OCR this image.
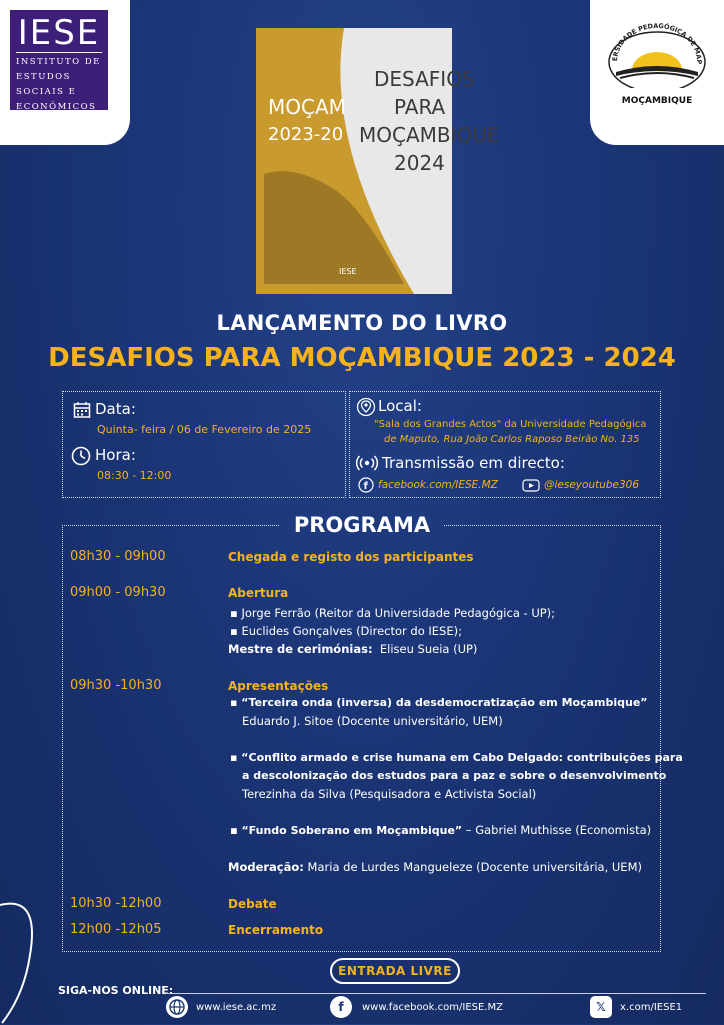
IESE
INSTITUTO DE
ESTUDOS
SOCIAIS E
ECONÓMICOS
ERSIDADE PEDAGÓGICA DE MAP
MOÇAMBIQUE
DESAFIOS
PARA
MOÇAMBIQUE
2024
MOÇAM
2023-20
IESE
LANÇAMENTO DO LIVRO
DESAFIOS PARA MOÇAMBIQUE 2023 - 2024
Data:
Quinta- feira / 06 de Fevereiro de 2025
Hora:
08:30 - 12:00
Local:
"Sala dos Grandes Actos" da Universidade Pedagógica
de Maputo, Rua João Carlos Raposo Beirão No. 135
Transmissão em directo:
f facebook.com/IESE.MZ	@ieseyoutube306
PROGRAMA
08h30 - 09h00	Chegada e registo dos participantes
09h00 - 09h30	Abertura
▪ Jorge Ferrão (Reitor da Universidade Pedagógica - UP);
▪ Euclides Gonçalves (Director do IESE);
Mestre de cerimónias: Eliseu Sueia (UP)
09h30 -10h30	Apresentações
▪ “Terceira onda (inversa) da desdemocratização em Moçambique”
Eduardo J. Sitoe (Docente universitário, UEM)
▪ “Conflito armado e crise humana em Cabo Delgado: contribuições para
a descolonização dos estudos para a paz e sobre o desenvolvimento
Terezinha da Silva (Pesquisadora e Activista Social)
▪ “Fundo Soberano em Moçambique” – Gabriel Muthisse (Economista)
Moderação: Maria de Lurdes Mangueleze (Docente universitária, UEM)
10h30 -12h00	Debate
12h00 -12h05	Encerramento
ENTRADA LIVRE
SIGA-NOS ONLINE:
www.iese.ac.mz	f	www.facebook.com/IESE.MZ	𝕏	x.com/IESE1
